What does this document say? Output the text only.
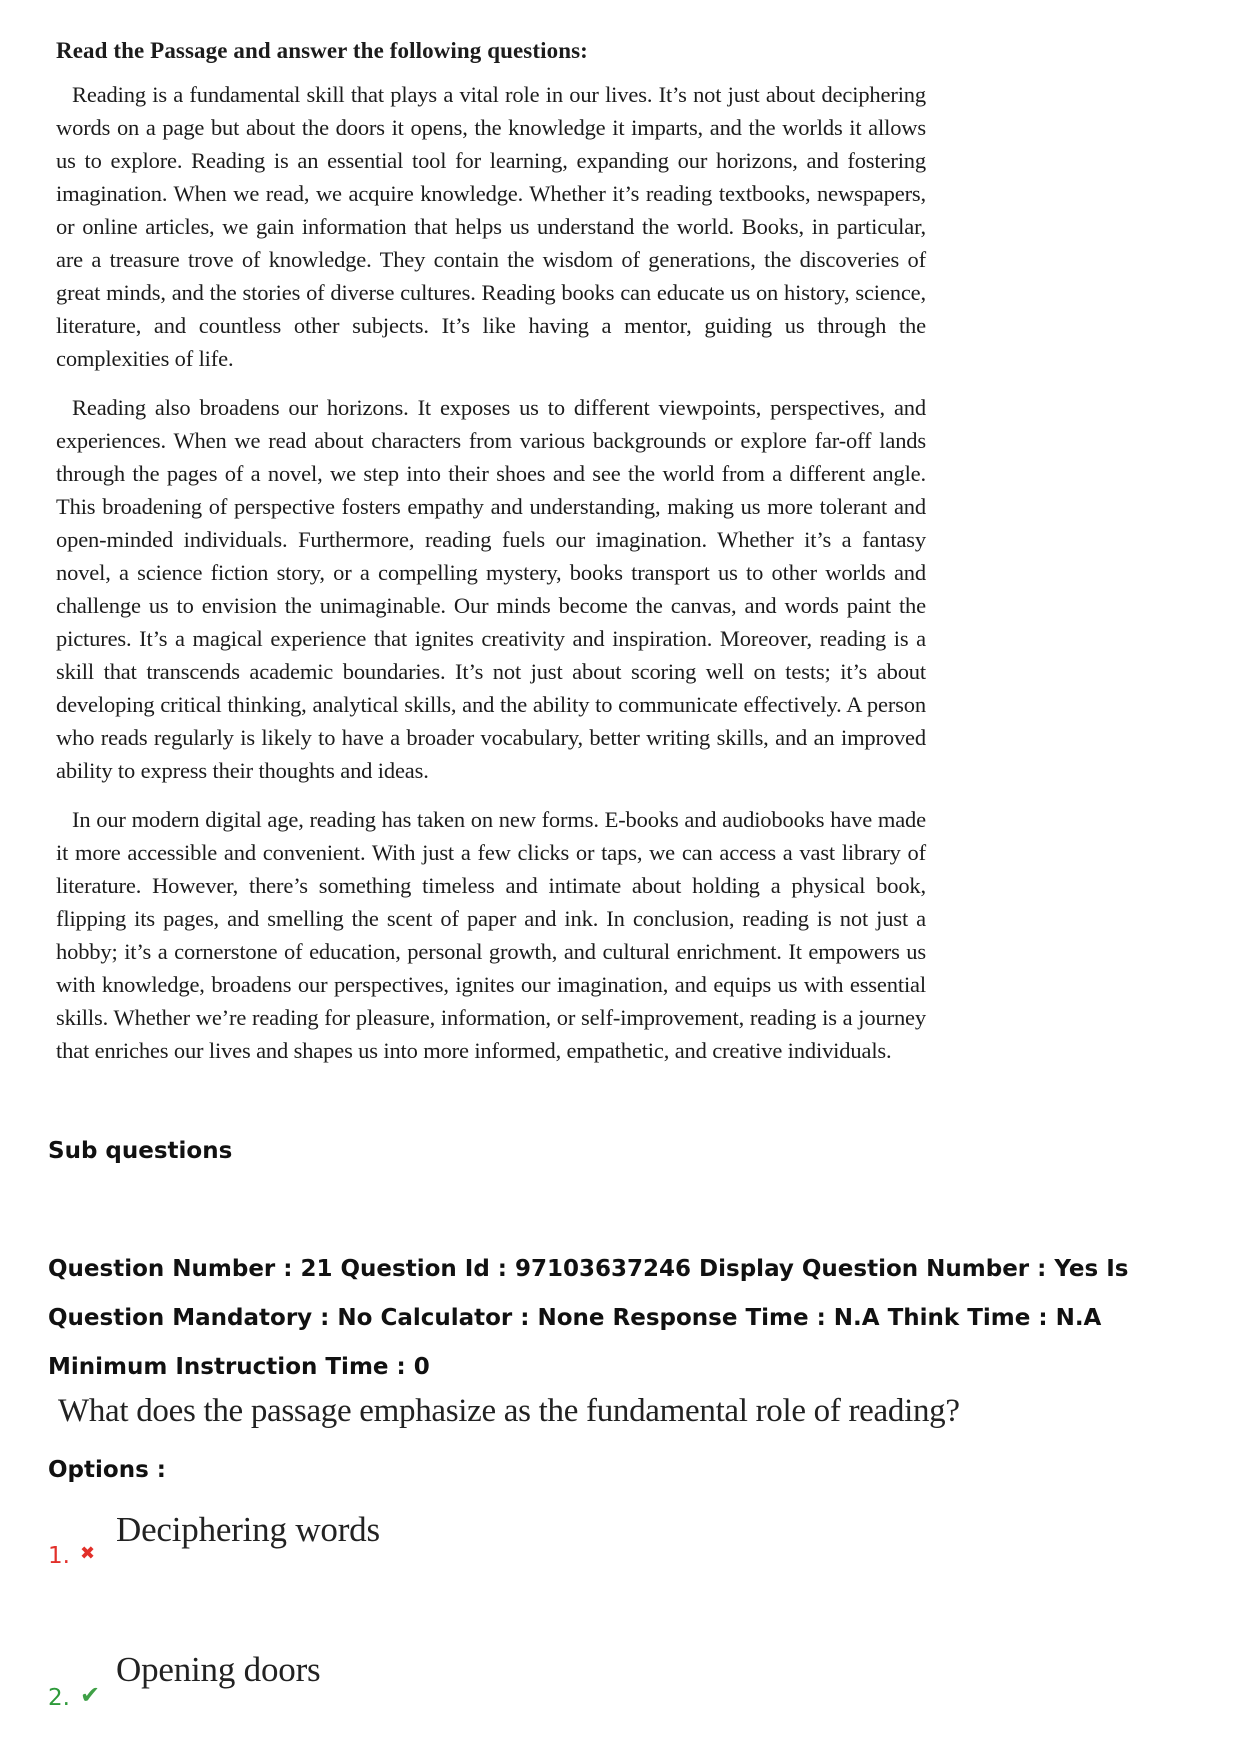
Read the Passage and answer the following questions:

Reading is a fundamental skill that plays a vital role in our lives. It’s not just about deciphering words on a page but about the doors it opens, the knowledge it imparts, and the worlds it allows us to explore. Reading is an essential tool for learning, expanding our horizons, and fostering imagination. When we read, we acquire knowledge. Whether it’s reading textbooks, newspapers, or online articles, we gain information that helps us understand the world. Books, in particular, are a treasure trove of knowledge. They contain the wisdom of generations, the discoveries of great minds, and the stories of diverse cultures. Reading books can educate us on history, science, literature, and countless other subjects. It’s like having a mentor, guiding us through the complexities of life.

Reading also broadens our horizons. It exposes us to different viewpoints, perspectives, and experiences. When we read about characters from various backgrounds or explore far-off lands through the pages of a novel, we step into their shoes and see the world from a different angle. This broadening of perspective fosters empathy and understanding, making us more tolerant and open-minded individuals. Furthermore, reading fuels our imagination. Whether it’s a fantasy novel, a science fiction story, or a compelling mystery, books transport us to other worlds and challenge us to envision the unimaginable. Our minds become the canvas, and words paint the pictures. It’s a magical experience that ignites creativity and inspiration. Moreover, reading is a skill that transcends academic boundaries. It’s not just about scoring well on tests; it’s about developing critical thinking, analytical skills, and the ability to communicate effectively. A person who reads regularly is likely to have a broader vocabulary, better writing skills, and an improved ability to express their thoughts and ideas.

In our modern digital age, reading has taken on new forms. E-books and audiobooks have made it more accessible and convenient. With just a few clicks or taps, we can access a vast library of literature. However, there’s something timeless and intimate about holding a physical book, flipping its pages, and smelling the scent of paper and ink. In conclusion, reading is not just a hobby; it’s a cornerstone of education, personal growth, and cultural enrichment. It empowers us with knowledge, broadens our perspectives, ignites our imagination, and equips us with essential skills. Whether we’re reading for pleasure, information, or self-improvement, reading is a journey that enriches our lives and shapes us into more informed, empathetic, and creative individuals.

Sub questions
Question Number : 21 Question Id : 97103637246 Display Question Number : Yes Is Question Mandatory : No Calculator : None Response Time : N.A Think Time : N.A Minimum Instruction Time : 0
What does the passage emphasize as the fundamental role of reading?
Options :
1. ✖
Deciphering words
2. ✔
Opening doors
